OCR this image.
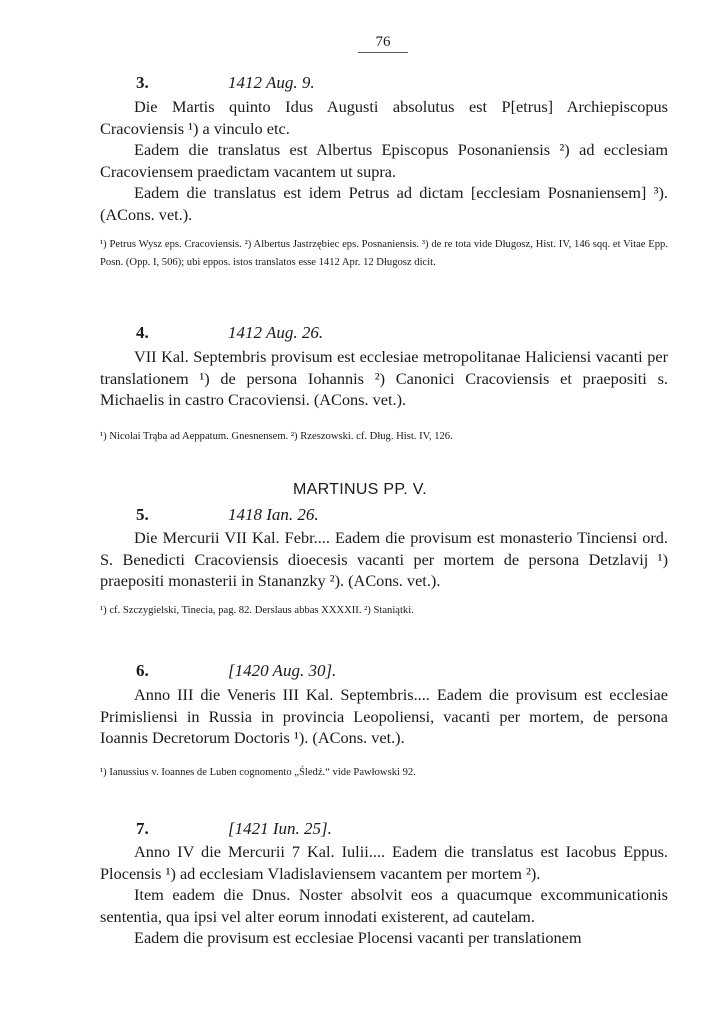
76
3.	1412 Aug. 9.

Die Martis quinto Idus Augusti absolutus est P[etrus] Archiepiscopus Cracoviensis ¹) a vinculo etc.

Eadem die translatus est Albertus Episcopus Posonaniensis ²) ad ecclesiam Cracoviensem praedictam vacantem ut supra.

Eadem die translatus est idem Petrus ad dictam [ecclesiam Posnaniensem] ³). (ACons. vet.).

¹) Petrus Wysz eps. Cracoviensis. ²) Albertus Jastrzębiec eps. Posnaniensis. ³) de re tota vide Długosz, Hist. IV, 146 sqq. et Vitae Epp. Posn. (Opp. I, 506); ubi eppos. istos translatos esse 1412 Apr. 12 Długosz dicit.

4.	1412 Aug. 26.

VII Kal. Septembris provisum est ecclesiae metropolitanae Haliciensi vacanti per translationem ¹) de persona Iohannis ²) Canonici Cracoviensis et praepositi s. Michaelis in castro Cracoviensi. (ACons. vet.).

¹) Nicolai Trąba ad Aeppatum. Gnesnensem. ²) Rzeszowski. cf. Dług. Hist. IV, 126.

MARTINUS PP. V.
5.	1418 Ian. 26.

Die Mercurii VII Kal. Febr.... Eadem die provisum est monasterio Tinciensi ord. S. Benedicti Cracoviensis dioecesis vacanti per mortem de persona Detzlavij ¹) praepositi monasterii in Stananzky ²). (ACons. vet.).

¹) cf. Szczygielski, Tinecia, pag. 82. Derslaus abbas XXXXII. ²) Staniątki.

6.	[1420 Aug. 30].

Anno III die Veneris III Kal. Septembris.... Eadem die provisum est ecclesiae Primisliensi in Russia in provincia Leopoliensi, vacanti per mortem, de persona Ioannis Decretorum Doctoris ¹). (ACons. vet.).

¹) Ianussius v. Ioannes de Luben cognomento „Śledź.“ vide Pawłowski 92.

7.	[1421 Iun. 25].

Anno IV die Mercurii 7 Kal. Iulii.... Eadem die translatus est Iacobus Eppus. Plocensis ¹) ad ecclesiam Vladislaviensem vacantem per mortem ²).

Item eadem die Dnus. Noster absolvit eos a quacumque excommunicationis sententia, qua ipsi vel alter eorum innodati existerent, ad cautelam.

Eadem die provisum est ecclesiae Plocensi vacanti per translationem
